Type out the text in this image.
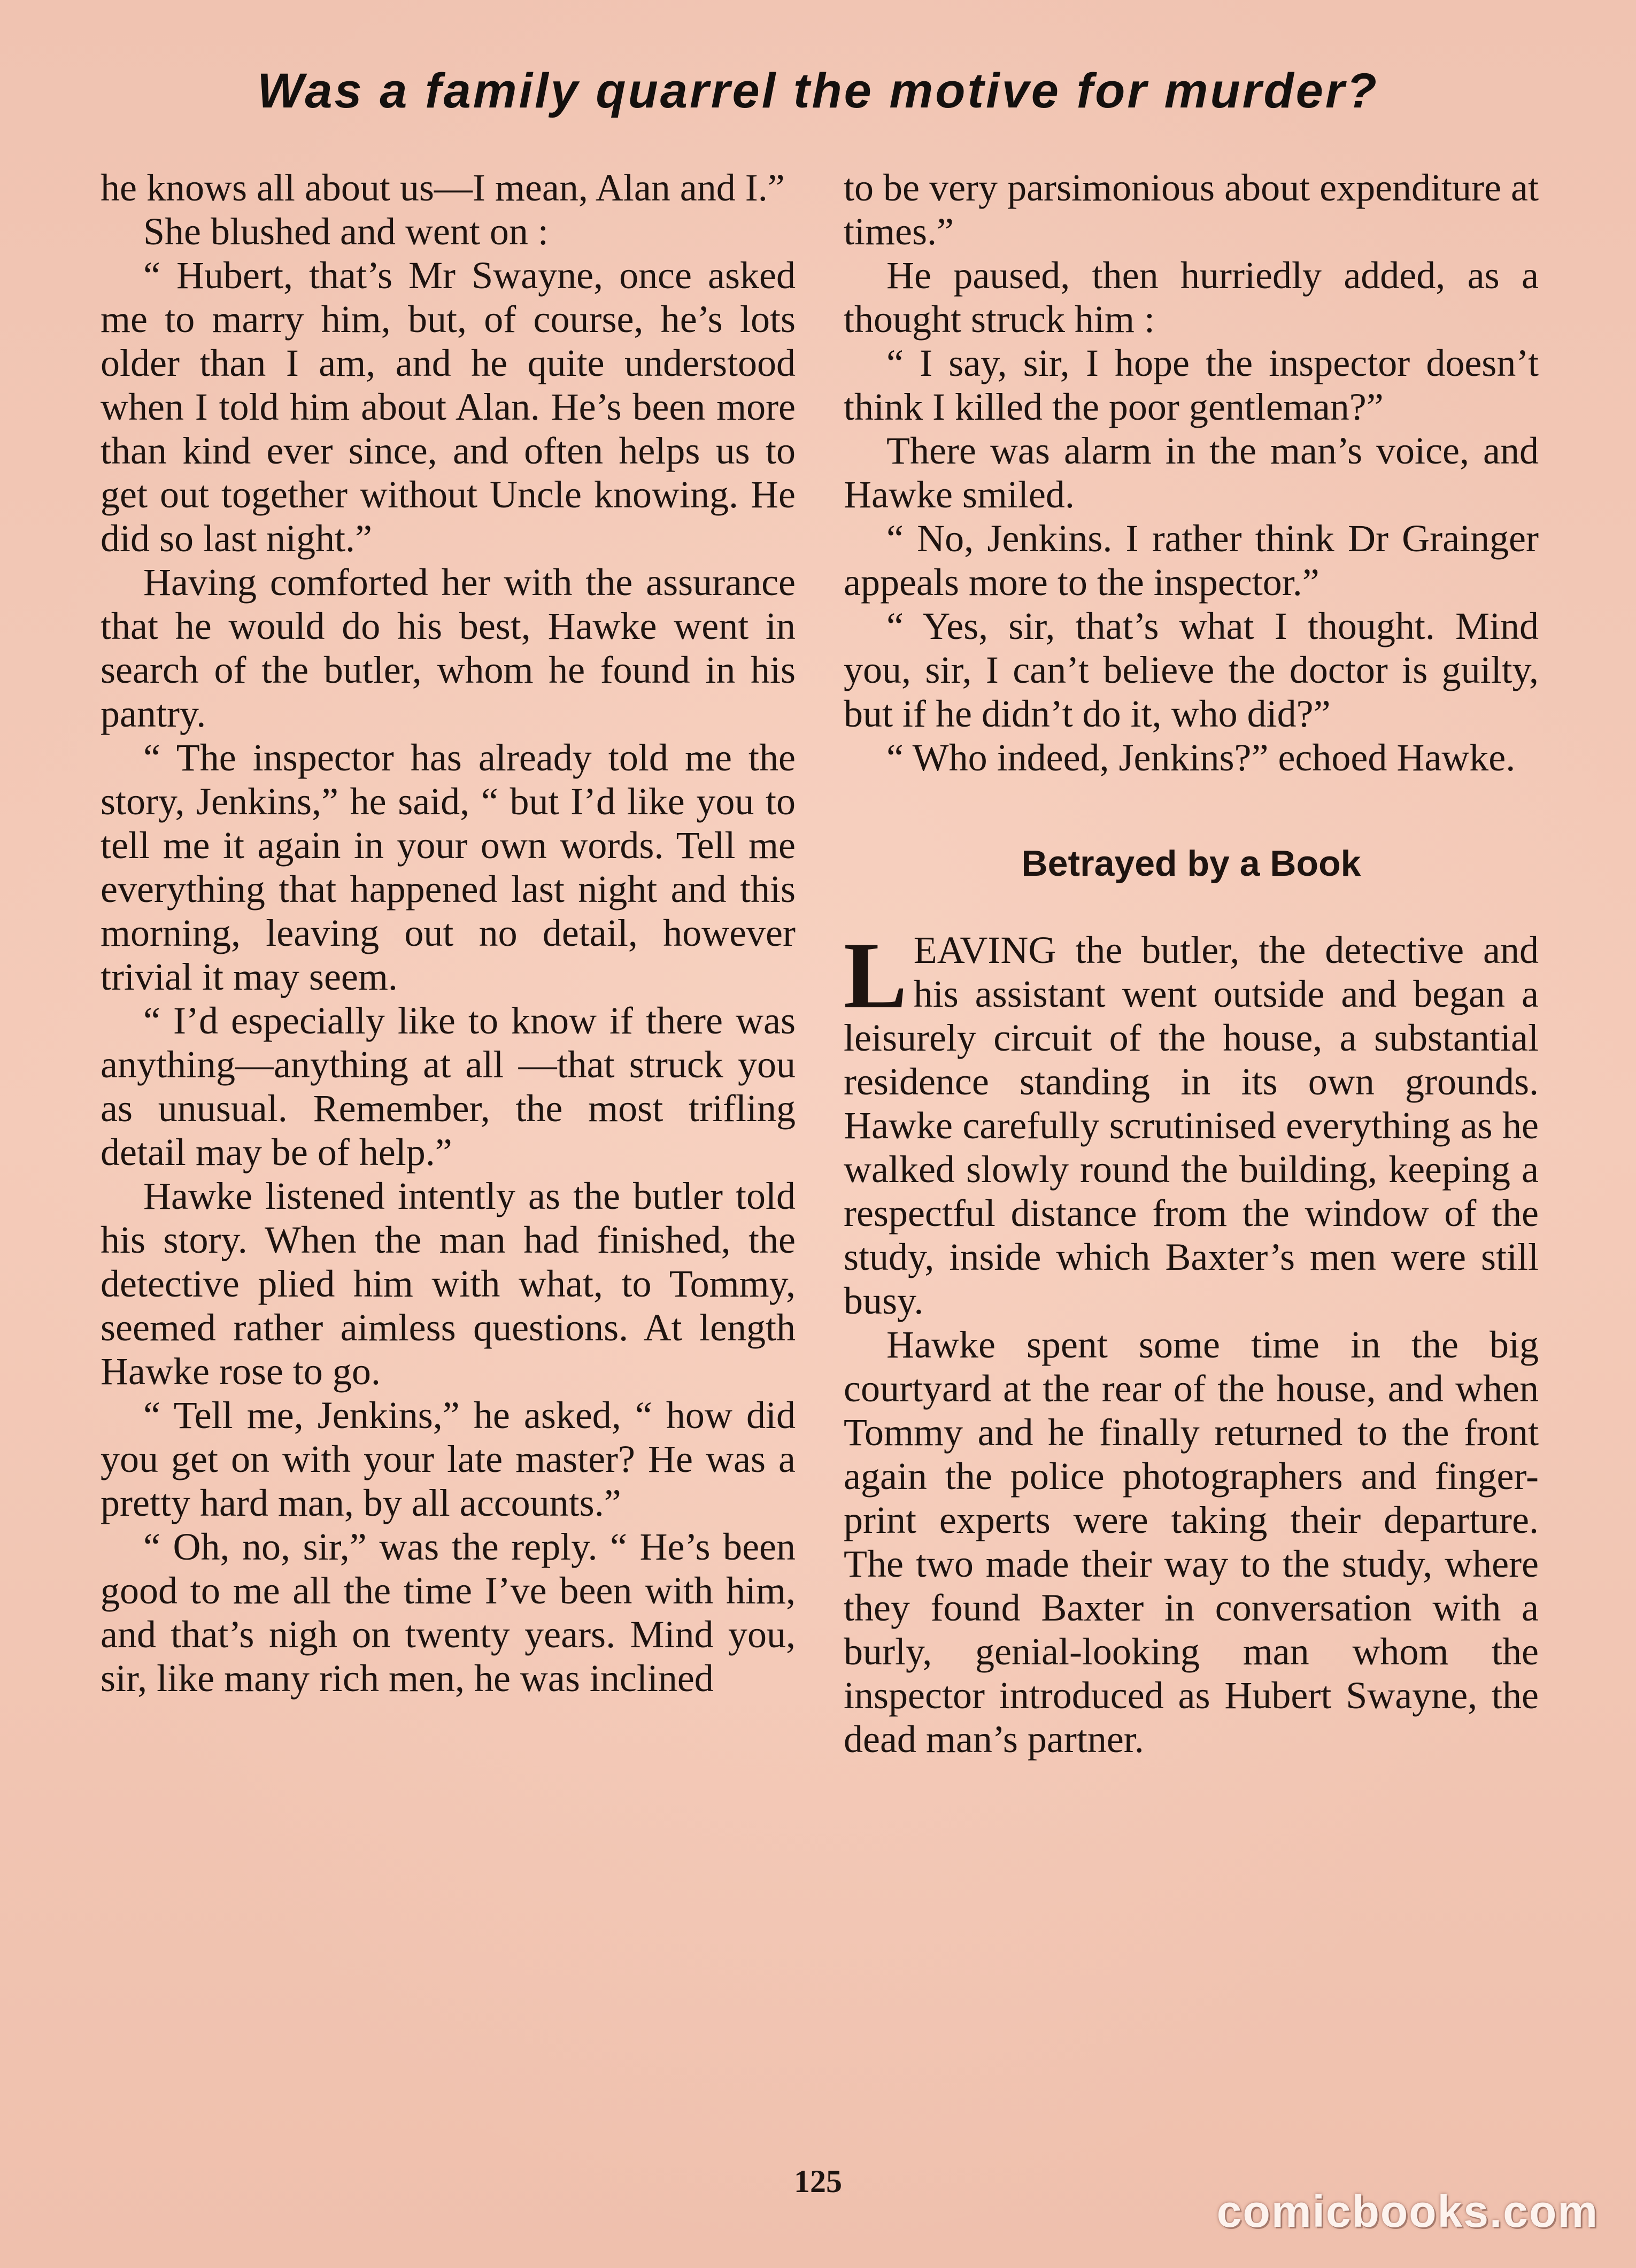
Was a family quarrel the motive for murder?

he knows all about us—I mean, Alan and I.”

She blushed and went on :

“ Hubert, that’s Mr Swayne, once asked me to marry him, but, of course, he’s lots older than I am, and he quite understood when I told him about Alan. He’s been more than kind ever since, and often helps us to get out together without Uncle knowing. He did so last night.”

Having comforted her with the assurance that he would do his best, Hawke went in search of the butler, whom he found in his pantry.

“ The inspector has already told me the story, Jenkins,” he said, “ but I’d like you to tell me it again in your own words. Tell me everything that happened last night and this morning, leaving out no detail, however trivial it may seem.

“ I’d especially like to know if there was anything—anything at all —that struck you as unusual. Remember, the most trifling detail may be of help.”

Hawke listened intently as the butler told his story. When the man had finished, the detective plied him with what, to Tommy, seemed rather aimless questions. At length Hawke rose to go.

“ Tell me, Jenkins,” he asked, “ how did you get on with your late master? He was a pretty hard man, by all accounts.”

“ Oh, no, sir,” was the reply. “ He’s been good to me all the time I’ve been with him, and that’s nigh on twenty years. Mind you, sir, like many rich men, he was inclined

to be very parsimonious about expenditure at times.”

He paused, then hurriedly added, as a thought struck him :

“ I say, sir, I hope the inspector doesn’t think I killed the poor gentleman?”

There was alarm in the man’s voice, and Hawke smiled.

“ No, Jenkins. I rather think Dr Grainger appeals more to the inspector.”

“ Yes, sir, that’s what I thought. Mind you, sir, I can’t believe the doctor is guilty, but if he didn’t do it, who did?”

“ Who indeed, Jenkins?” echoed Hawke.

Betrayed by a Book

LEAVING the butler, the detective and his assistant went outside and began a leisurely circuit of the house, a substantial residence standing in its own grounds. Hawke carefully scrutinised everything as he walked slowly round the building, keeping a respectful distance from the window of the study, inside which Baxter’s men were still busy.

Hawke spent some time in the big courtyard at the rear of the house, and when Tommy and he finally returned to the front again the police photographers and finger-print experts were taking their departure. The two made their way to the study, where they found Baxter in conversation with a burly, genial-looking man whom the inspector introduced as Hubert Swayne, the dead man’s partner.

125
comicbooks.com
